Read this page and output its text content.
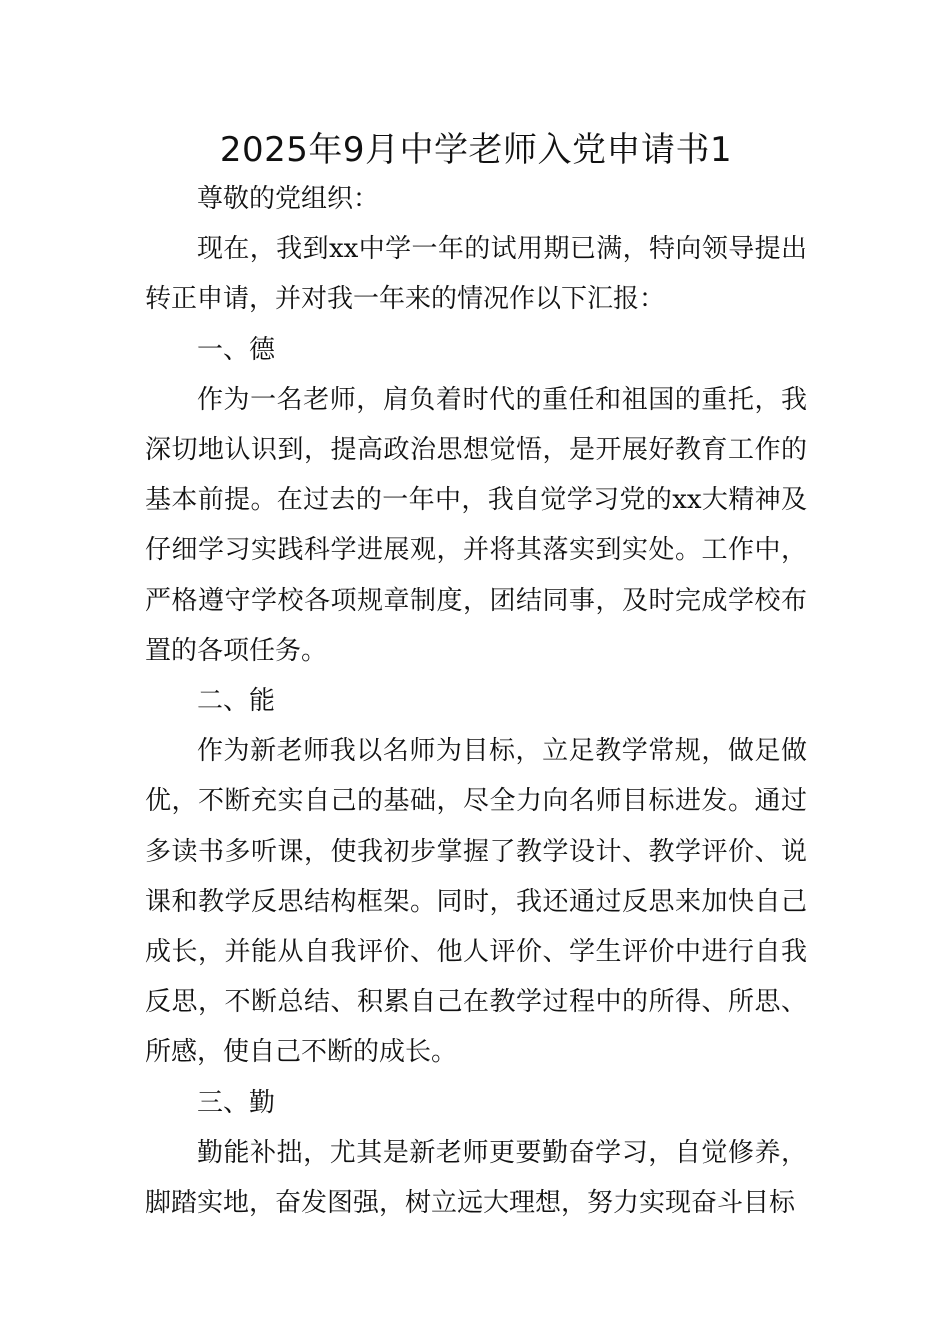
2025年9月中学老师入党申请书1

尊敬的党组织：

现在，我到xx中学一年的试用期已满，特向领导提出转正申请，并对我一年来的情况作以下汇报：

一、德

作为一名老师，肩负着时代的重任和祖国的重托，我深切地认识到，提高政治思想觉悟，是开展好教育工作的基本前提。在过去的一年中，我自觉学习党的xx大精神及仔细学习实践科学进展观，并将其落实到实处。工作中，严格遵守学校各项规章制度，团结同事，及时完成学校布置的各项任务。

二、能

作为新老师我以名师为目标，立足教学常规，做足做优，不断充实自己的基础，尽全力向名师目标进发。通过多读书多听课，使我初步掌握了教学设计、教学评价、说课和教学反思结构框架。同时，我还通过反思来加快自己成长，并能从自我评价、他人评价、学生评价中进行自我反思，不断总结、积累自己在教学过程中的所得、所思、所感，使自己不断的成长。

三、勤

勤能补拙，尤其是新老师更要勤奋学习，自觉修养，脚踏实地，奋发图强，树立远大理想，努力实现奋斗目标
